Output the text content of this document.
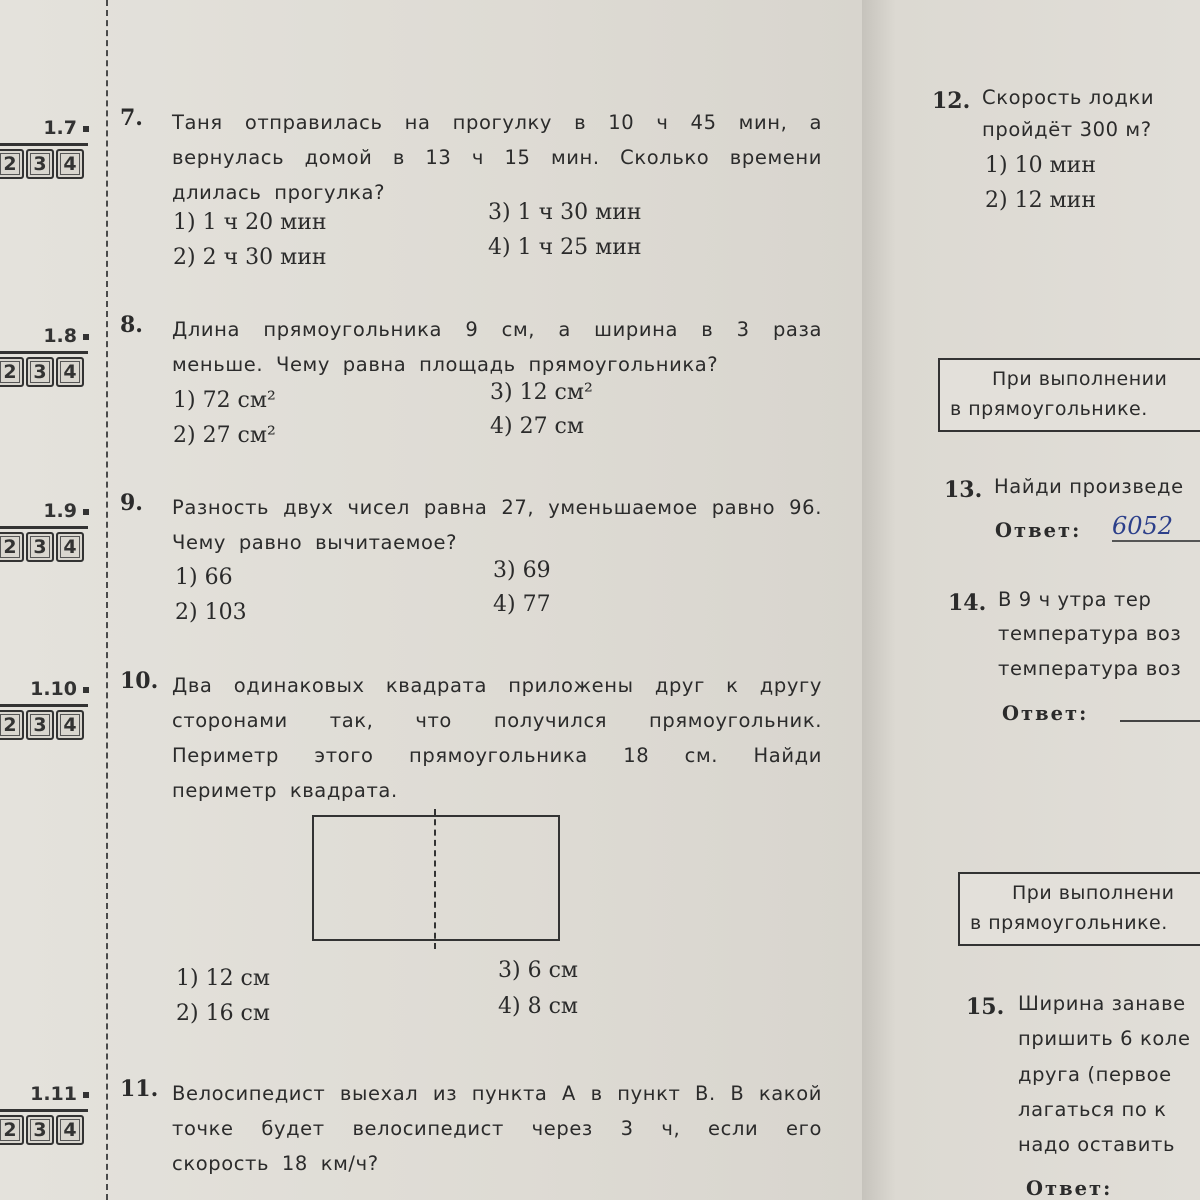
1.7
2 3 4
1.8
2 3 4
1.9
2 3 4
1.10
2 3 4
1.11
2 3 4
7. Таня отправилась на прогулку в 10 ч 45 мин, а вернулась домой в 13 ч 15 мин. Сколько времени длилась прогулка?
1) 1 ч 20 мин
2) 2 ч 30 мин
3) 1 ч 30 мин
4) 1 ч 25 мин
8. Длина прямоугольника 9 см, а ширина в 3 раза меньше. Чему равна площадь прямоугольника?
1) 72 см²
2) 27 см²
3) 12 см²
4) 27 см
9. Разность двух чисел равна 27, уменьшаемое равно 96. Чему равно вычитаемое?
1) 66
2) 103
3) 69
4) 77
10. Два одинаковых квадрата приложены друг к другу сторонами так, что получился прямоугольник. Периметр этого прямоугольника 18 см. Найди периметр квадрата.
1) 12 см
2) 16 см
3) 6 см
4) 8 см
11. Велосипедист выехал из пункта A в пункт B. В какой точке будет велосипедист через 3 ч, если его скорость 18 км/ч?
12. Скорость лодки
пройдёт 300 м?
1) 10 мин
2) 12 мин
При выполнении
в прямоугольнике.
13. Найди произведе
Ответ: 6052
14. В 9 ч утра тер
температура воз
температура воз
Ответ:
При выполнени
в прямоугольнике.
15. Ширина занаве
пришить 6 коле
друга (первое
лагаться по к
надо оставить
Ответ:
